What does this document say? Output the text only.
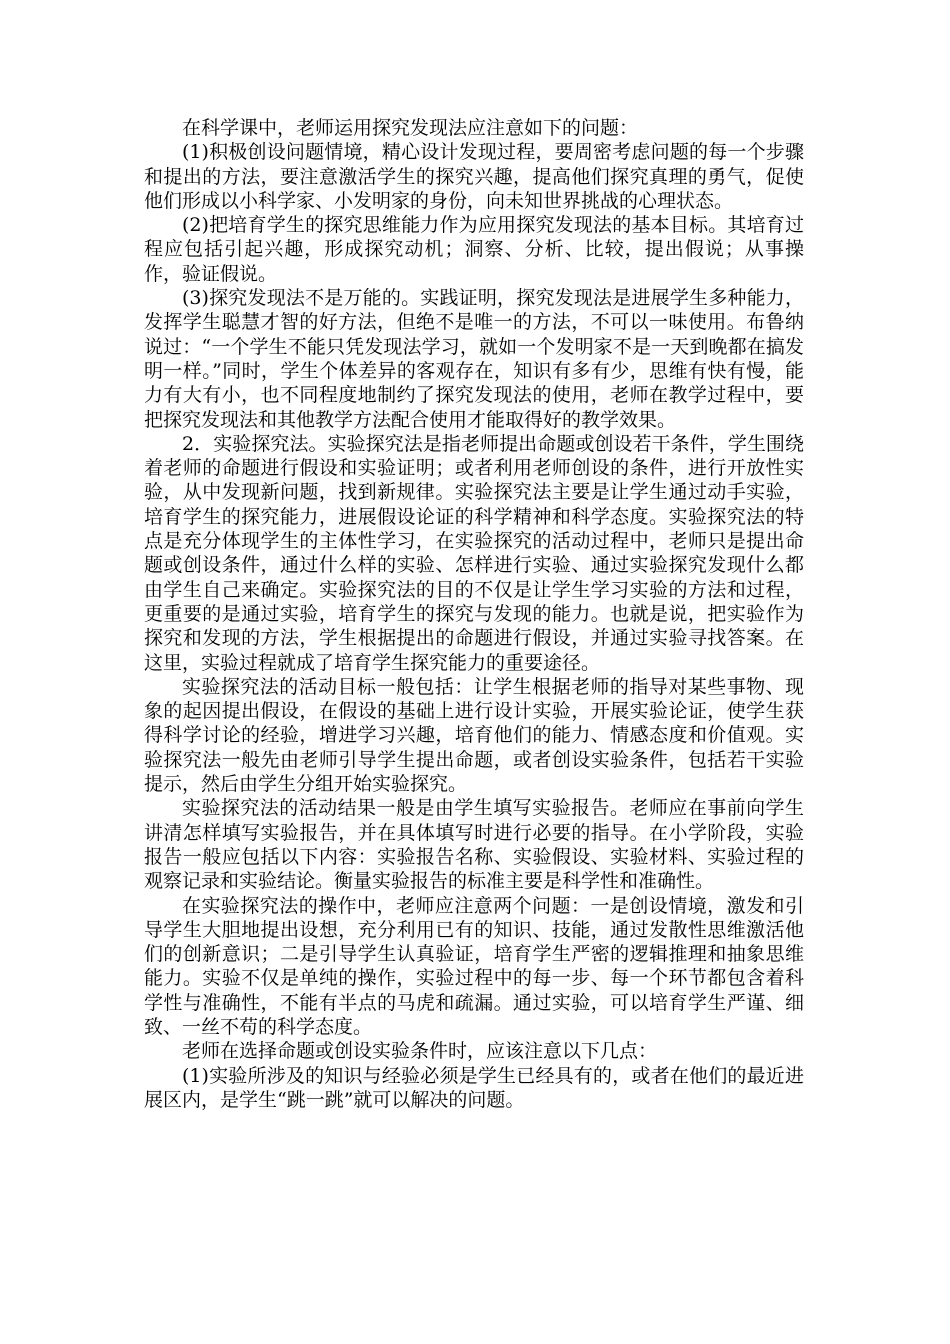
在科学课中，老师运用探究发现法应注意如下的问题：

(1)积极创设问题情境，精心设计发现过程，要周密考虑问题的每一个步骤和提出的方法，要注意激活学生的探究兴趣，提高他们探究真理的勇气，促使他们形成以小科学家、小发明家的身份，向未知世界挑战的心理状态。

(2)把培育学生的探究思维能力作为应用探究发现法的基本目标。其培育过程应包括引起兴趣，形成探究动机；洞察、分析、比较，提出假说；从事操作，验证假说。

(3)探究发现法不是万能的。实践证明，探究发现法是进展学生多种能力，发挥学生聪慧才智的好方法，但绝不是唯一的方法，不可以一味使用。布鲁纳说过：“一个学生不能只凭发现法学习，就如一个发明家不是一天到晚都在搞发明一样。”同时，学生个体差异的客观存在，知识有多有少，思维有快有慢，能力有大有小，也不同程度地制约了探究发现法的使用，老师在教学过程中，要把探究发现法和其他教学方法配合使用才能取得好的教学效果。

2．实验探究法。实验探究法是指老师提出命题或创设若干条件，学生围绕着老师的命题进行假设和实验证明；或者利用老师创设的条件，进行开放性实验，从中发现新问题，找到新规律。实验探究法主要是让学生通过动手实验，培育学生的探究能力，进展假设论证的科学精神和科学态度。实验探究法的特点是充分体现学生的主体性学习，在实验探究的活动过程中，老师只是提出命题或创设条件，通过什么样的实验、怎样进行实验、通过实验探究发现什么都由学生自己来确定。实验探究法的目的不仅是让学生学习实验的方法和过程，更重要的是通过实验，培育学生的探究与发现的能力。也就是说，把实验作为探究和发现的方法，学生根据提出的命题进行假设，并通过实验寻找答案。在这里，实验过程就成了培育学生探究能力的重要途径。

实验探究法的活动目标一般包括：让学生根据老师的指导对某些事物、现象的起因提出假设，在假设的基础上进行设计实验，开展实验论证，使学生获得科学讨论的经验，增进学习兴趣，培育他们的能力、情感态度和价值观。实验探究法一般先由老师引导学生提出命题，或者创设实验条件，包括若干实验提示，然后由学生分组开始实验探究。

实验探究法的活动结果一般是由学生填写实验报告。老师应在事前向学生讲清怎样填写实验报告，并在具体填写时进行必要的指导。在小学阶段，实验报告一般应包括以下内容：实验报告名称、实验假设、实验材料、实验过程的观察记录和实验结论。衡量实验报告的标准主要是科学性和准确性。

在实验探究法的操作中，老师应注意两个问题：一是创设情境，激发和引导学生大胆地提出设想，充分利用已有的知识、技能，通过发散性思维激活他们的创新意识；二是引导学生认真验证，培育学生严密的逻辑推理和抽象思维能力。实验不仅是单纯的操作，实验过程中的每一步、每一个环节都包含着科学性与准确性，不能有半点的马虎和疏漏。通过实验，可以培育学生严谨、细致、一丝不苟的科学态度。

老师在选择命题或创设实验条件时，应该注意以下几点：

(1)实验所涉及的知识与经验必须是学生已经具有的，或者在他们的最近进展区内，是学生“跳一跳”就可以解决的问题。
